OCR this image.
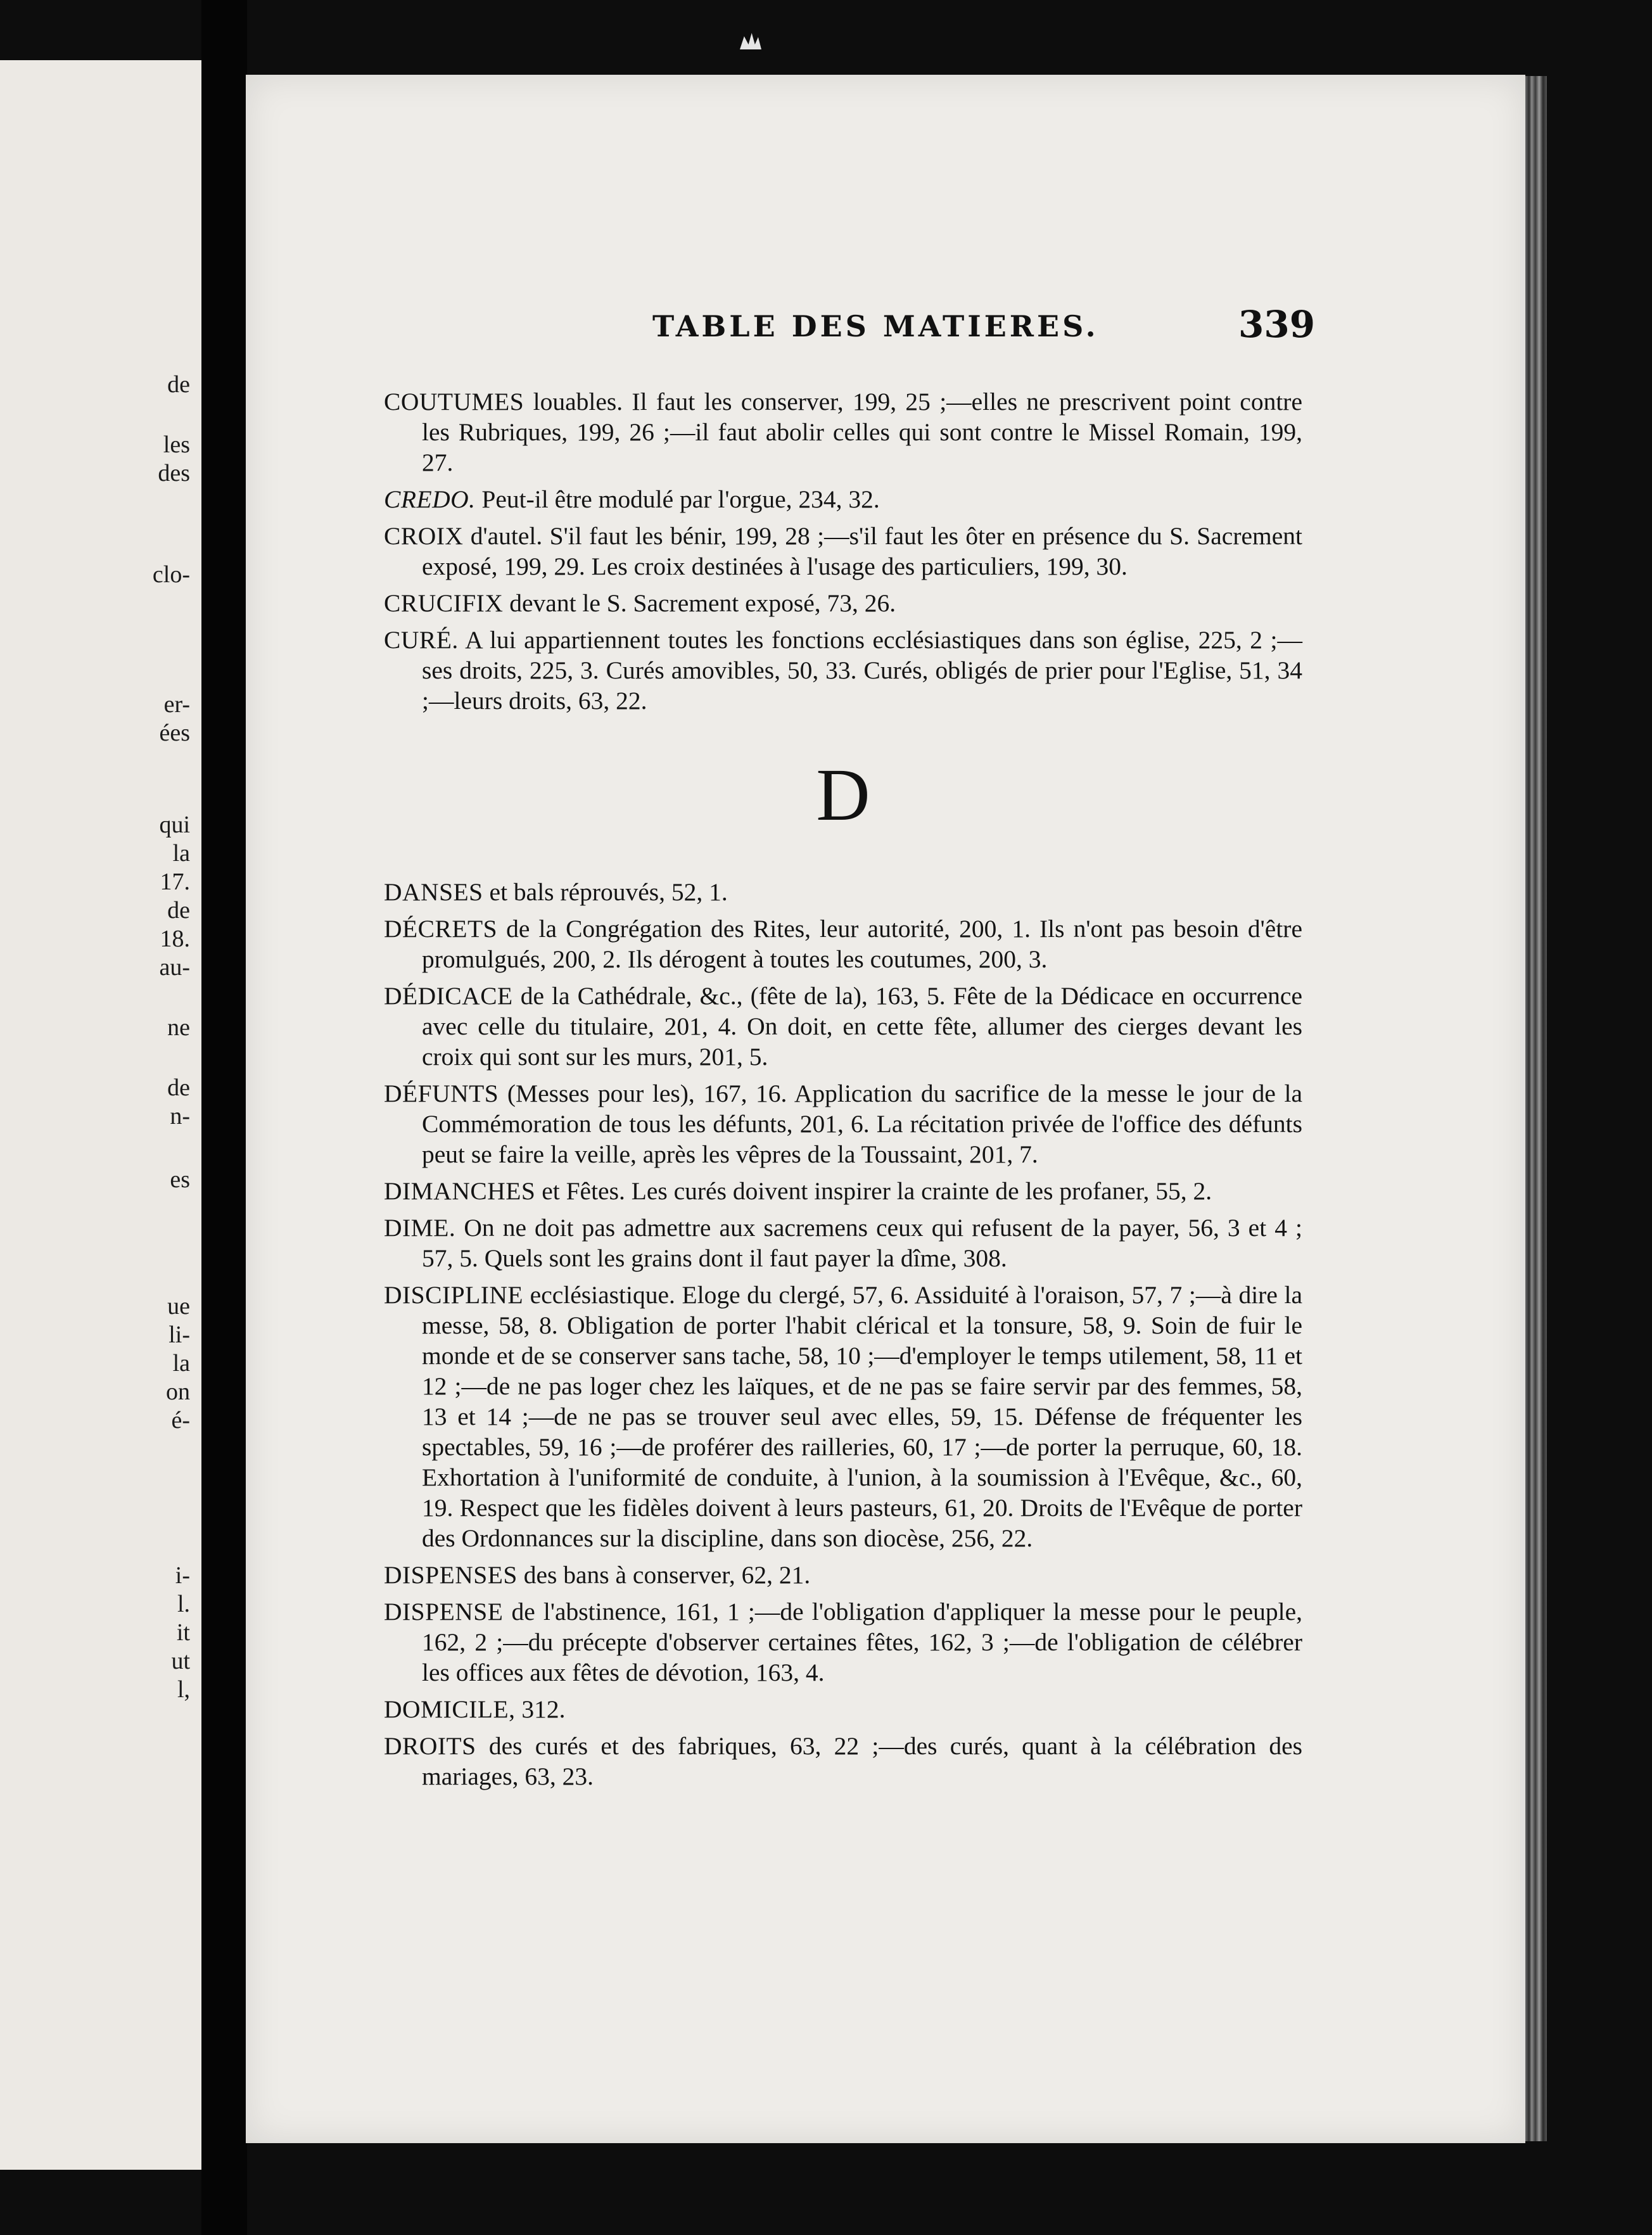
de
les
des
clo-
er-
ées
qui
la
17.
de
18.
au-
ne
de
n-
es
ue
li-
la
on
é-
i-
l.
it
ut
l,
TABLE DES MATIERES.	339

COUTUMES louables. Il faut les conserver, 199, 25 ;—elles ne prescrivent point contre les Rubriques, 199, 26 ;—il faut abolir celles qui sont contre le Missel Romain, 199, 27.

CREDO. Peut-il être modulé par l'orgue, 234, 32.

CROIX d'autel. S'il faut les bénir, 199, 28 ;—s'il faut les ôter en présence du S. Sacrement exposé, 199, 29. Les croix destinées à l'usage des particuliers, 199, 30.

CRUCIFIX devant le S. Sacrement exposé, 73, 26.

CURÉ. A lui appartiennent toutes les fonctions ecclésiastiques dans son église, 225, 2 ;—ses droits, 225, 3. Curés amovibles, 50, 33. Curés, obligés de prier pour l'Eglise, 51, 34 ;—leurs droits, 63, 22.

D

DANSES et bals réprouvés, 52, 1.

DÉCRETS de la Congrégation des Rites, leur autorité, 200, 1. Ils n'ont pas besoin d'être promulgués, 200, 2. Ils dérogent à toutes les coutumes, 200, 3.

DÉDICACE de la Cathédrale, &c., (fête de la), 163, 5. Fête de la Dédicace en occurrence avec celle du titulaire, 201, 4. On doit, en cette fête, allumer des cierges devant les croix qui sont sur les murs, 201, 5.

DÉFUNTS (Messes pour les), 167, 16. Application du sacrifice de la messe le jour de la Commémoration de tous les défunts, 201, 6. La récitation privée de l'office des défunts peut se faire la veille, après les vêpres de la Toussaint, 201, 7.

DIMANCHES et Fêtes. Les curés doivent inspirer la crainte de les profaner, 55, 2.

DIME. On ne doit pas admettre aux sacremens ceux qui refusent de la payer, 56, 3 et 4 ; 57, 5. Quels sont les grains dont il faut payer la dîme, 308.

DISCIPLINE ecclésiastique. Eloge du clergé, 57, 6. Assiduité à l'oraison, 57, 7 ;—à dire la messe, 58, 8. Obligation de porter l'habit clérical et la tonsure, 58, 9. Soin de fuir le monde et de se conserver sans tache, 58, 10 ;—d'employer le temps utilement, 58, 11 et 12 ;—de ne pas loger chez les laïques, et de ne pas se faire servir par des femmes, 58, 13 et 14 ;—de ne pas se trouver seul avec elles, 59, 15. Défense de fréquenter les spectables, 59, 16 ;—de proférer des railleries, 60, 17 ;—de porter la perruque, 60, 18. Exhortation à l'uniformité de conduite, à l'union, à la soumission à l'Evêque, &c., 60, 19. Respect que les fidèles doivent à leurs pasteurs, 61, 20. Droits de l'Evêque de porter des Ordonnances sur la discipline, dans son diocèse, 256, 22.

DISPENSES des bans à conserver, 62, 21.

DISPENSE de l'abstinence, 161, 1 ;—de l'obligation d'appliquer la messe pour le peuple, 162, 2 ;—du précepte d'observer certaines fêtes, 162, 3 ;—de l'obligation de célébrer les offices aux fêtes de dévotion, 163, 4.

DOMICILE, 312.

DROITS des curés et des fabriques, 63, 22 ;—des curés, quant à la célébration des mariages, 63, 23.
